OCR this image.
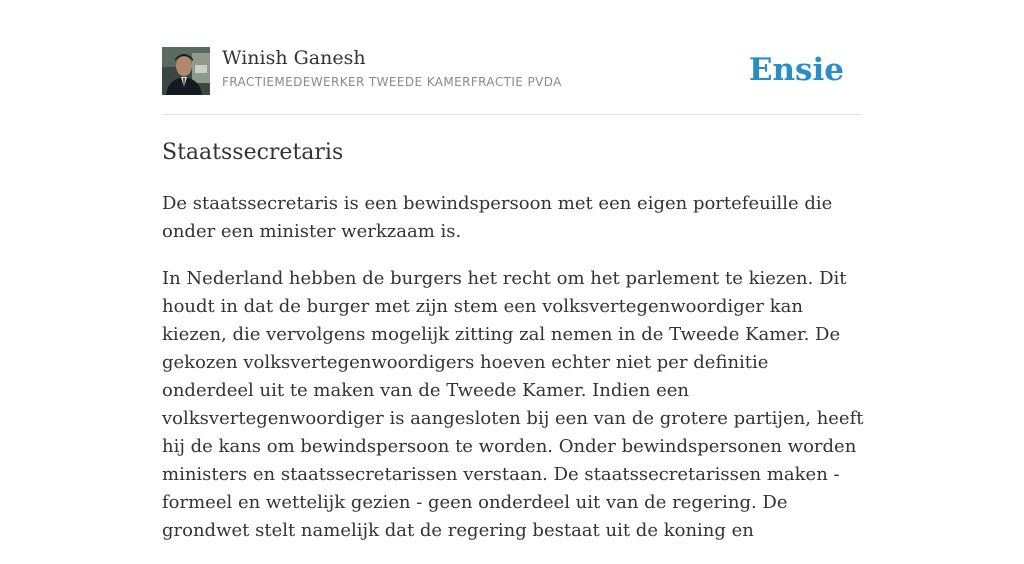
Winish Ganesh
FRACTIEMEDEWERKER TWEEDE KAMERFRACTIE PVDA	Ensie
Staatssecretaris

De staatssecretaris is een bewindspersoon met een eigen portefeuille die onder een minister werkzaam is.

In Nederland hebben de burgers het recht om het parlement te kiezen. Dit houdt in dat de burger met zijn stem een volksvertegenwoordiger kan kiezen, die vervolgens mogelijk zitting zal nemen in de Tweede Kamer. De gekozen volksvertegenwoordigers hoeven echter niet per definitie onderdeel uit te maken van de Tweede Kamer. Indien een volksvertegenwoordiger is aangesloten bij een van de grotere partijen, heeft hij de kans om bewindspersoon te worden. Onder bewindspersonen worden ministers en staatssecretarissen verstaan. De staatssecretarissen maken - formeel en wettelijk gezien - geen onderdeel uit van de regering. De grondwet stelt namelijk dat de regering bestaat uit de koning en
